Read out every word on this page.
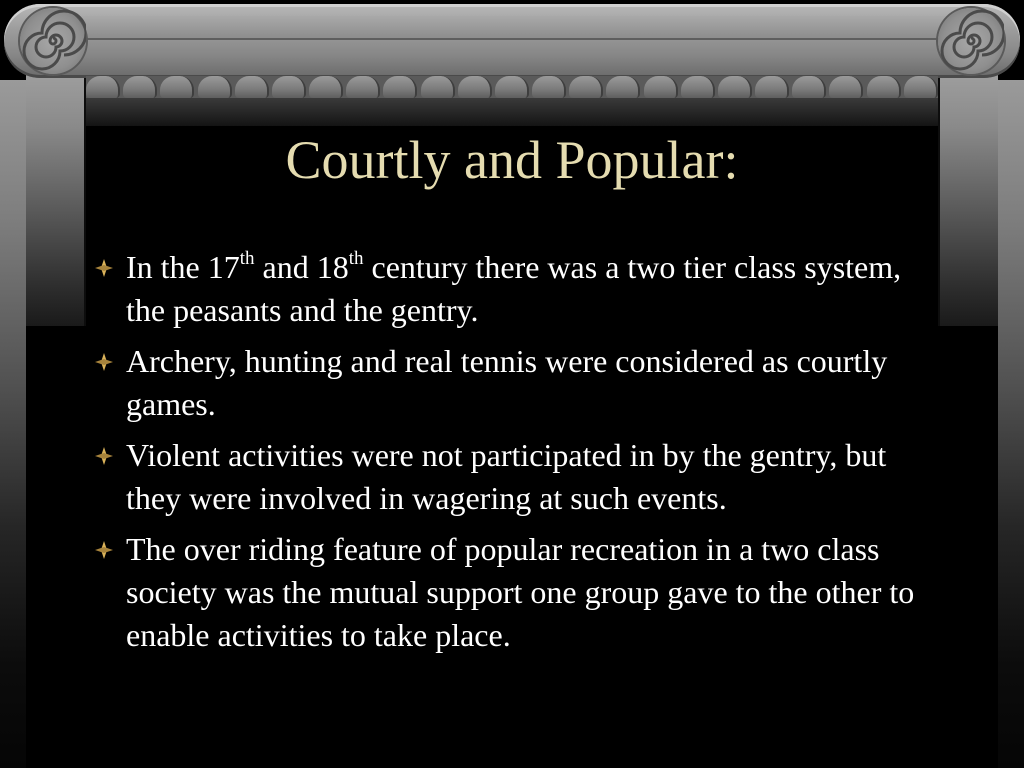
Courtly and Popular:
In the 17th and 18th century there was a two tier class system, the peasants and the gentry.
Archery, hunting and real tennis were considered as courtly games.
Violent activities were not participated in by the gentry, but they were involved in wagering at such events.
The over riding feature of popular recreation in a two class society was the mutual support one group gave to the other to enable activities to take place.
